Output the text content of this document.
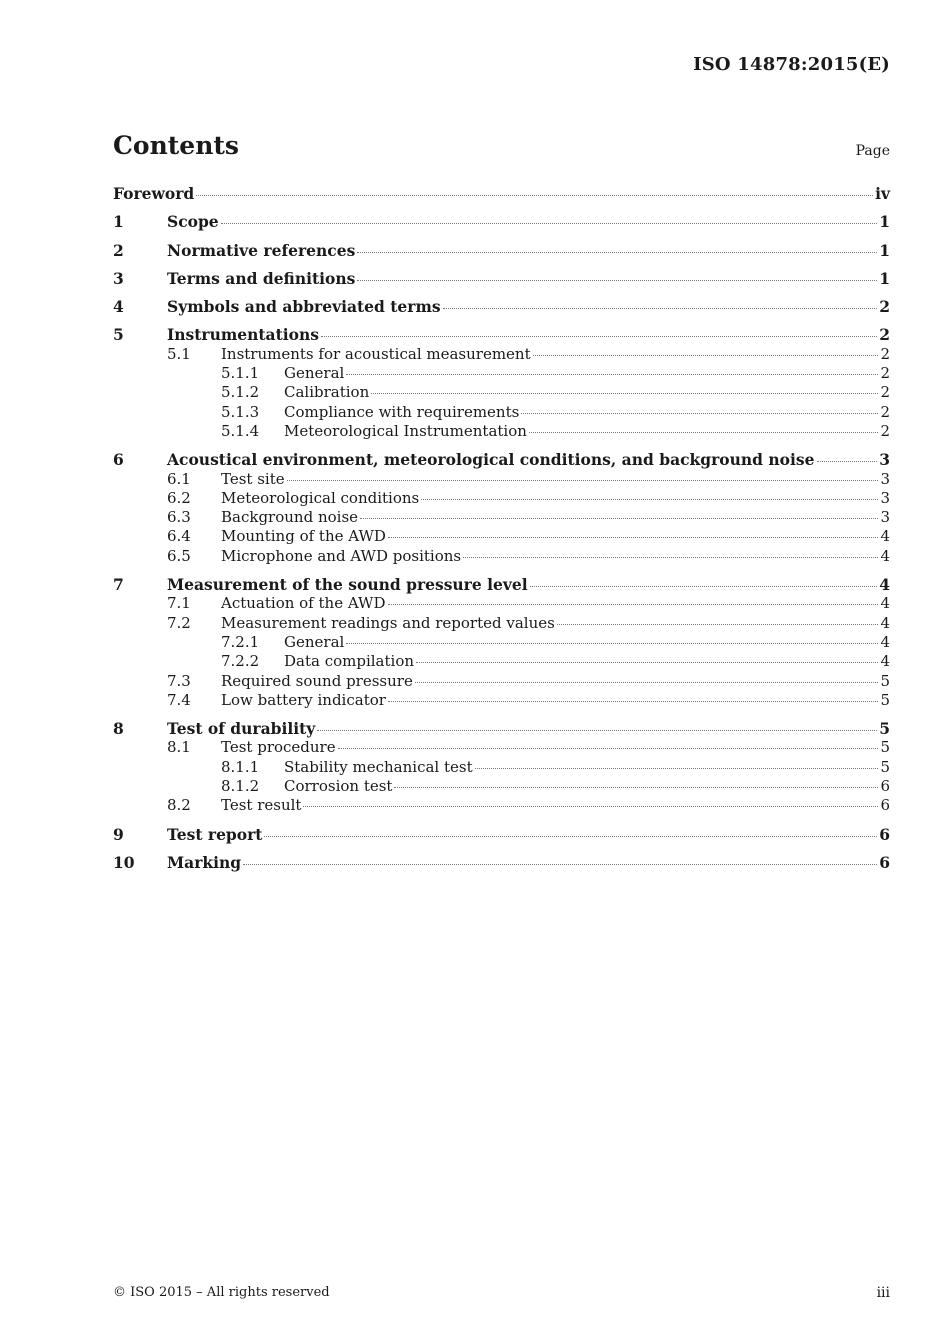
ISO 14878:2015(E)
Contents	Page
Foreword	iv
1	Scope	1
2	Normative references	1
3	Terms and definitions	1
4	Symbols and abbreviated terms	2
5	Instrumentations	2
5.1	Instruments for acoustical measurement	2
5.1.1	General	2
5.1.2	Calibration	2
5.1.3	Compliance with requirements	2
5.1.4	Meteorological Instrumentation	2
6	Acoustical environment, meteorological conditions, and background noise	3
6.1	Test site	3
6.2	Meteorological conditions	3
6.3	Background noise	3
6.4	Mounting of the AWD	4
6.5	Microphone and AWD positions	4
7	Measurement of the sound pressure level	4
7.1	Actuation of the AWD	4
7.2	Measurement readings and reported values	4
7.2.1	General	4
7.2.2	Data compilation	4
7.3	Required sound pressure	5
7.4	Low battery indicator	5
8	Test of durability	5
8.1	Test procedure	5
8.1.1	Stability mechanical test	5
8.1.2	Corrosion test	6
8.2	Test result	6
9	Test report	6
10	Marking	6
© ISO 2015 – All rights reserved	iii
